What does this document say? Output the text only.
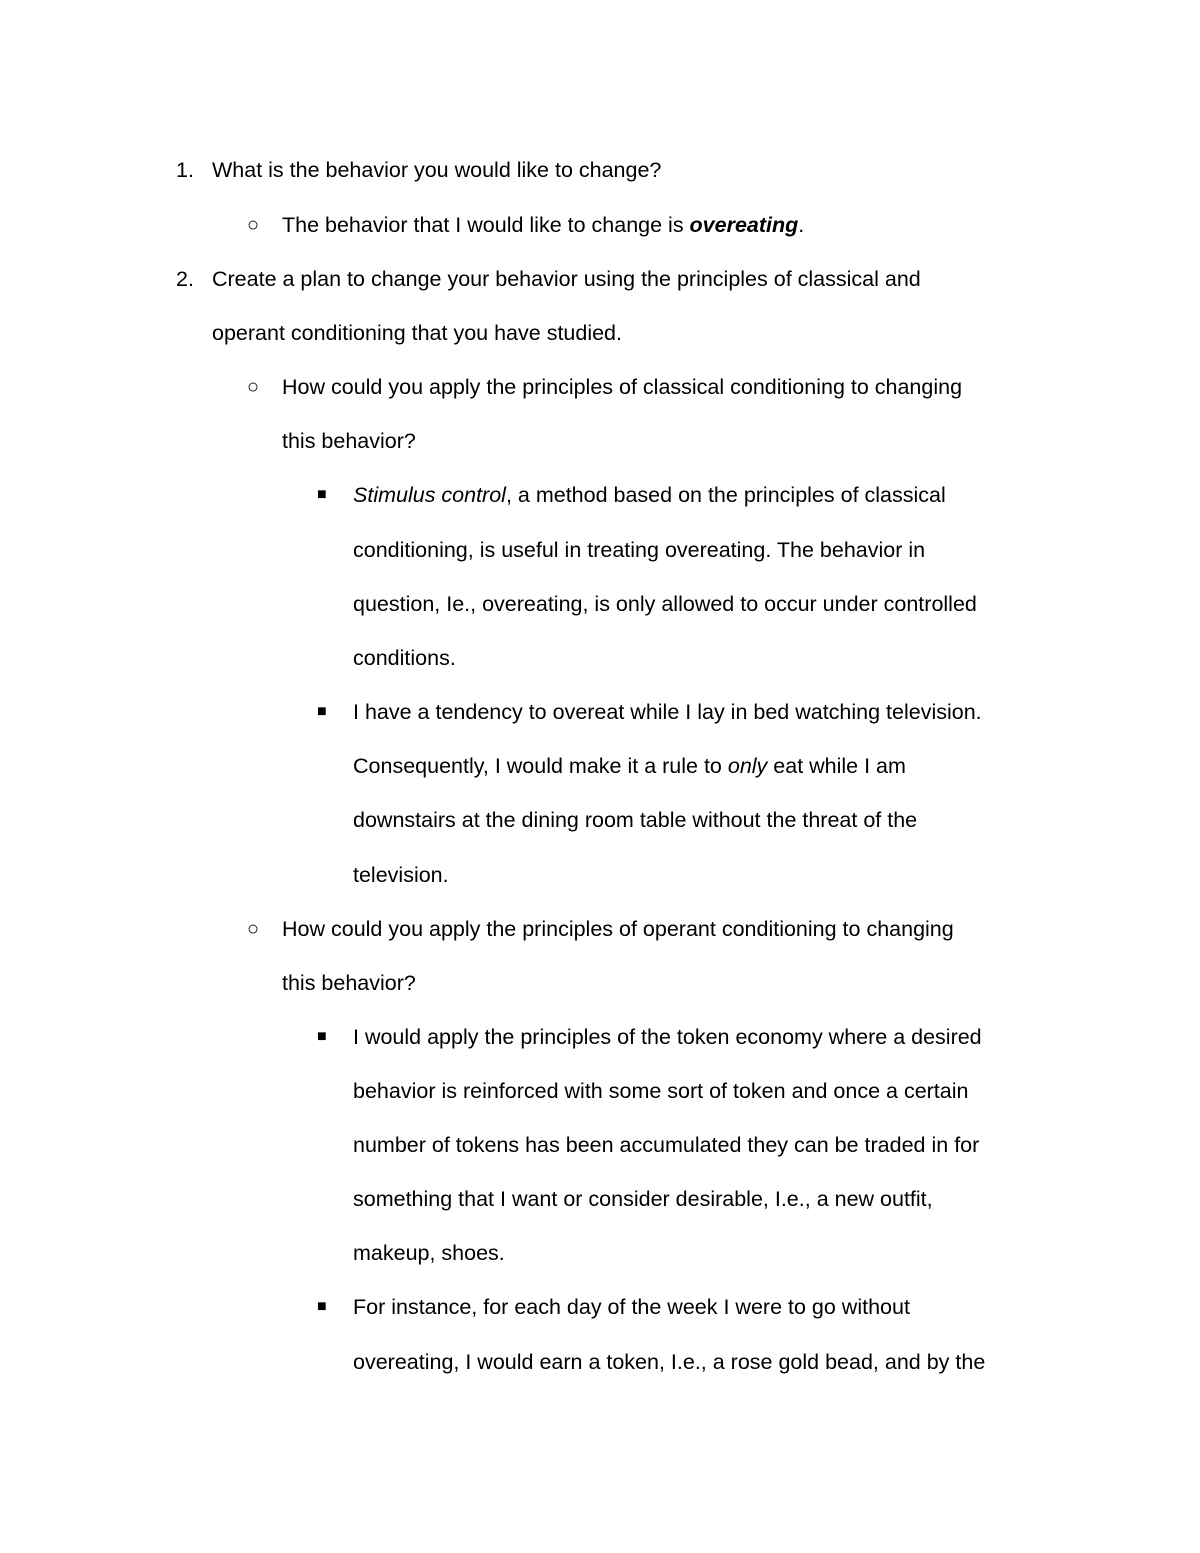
1. What is the behavior you would like to change?
○ The behavior that I would like to change is overeating.
2. Create a plan to change your behavior using the principles of classical and
operant conditioning that you have studied.
○ How could you apply the principles of classical conditioning to changing
this behavior?
■ Stimulus control, a method based on the principles of classical
conditioning, is useful in treating overeating. The behavior in
question, Ie., overeating, is only allowed to occur under controlled
conditions.
■ I have a tendency to overeat while I lay in bed watching television.
Consequently, I would make it a rule to only eat while I am
downstairs at the dining room table without the threat of the
television.
○ How could you apply the principles of operant conditioning to changing
this behavior?
■ I would apply the principles of the token economy where a desired
behavior is reinforced with some sort of token and once a certain
number of tokens has been accumulated they can be traded in for
something that I want or consider desirable, I.e., a new outfit,
makeup, shoes.
■ For instance, for each day of the week I were to go without
overeating, I would earn a token, I.e., a rose gold bead, and by the
